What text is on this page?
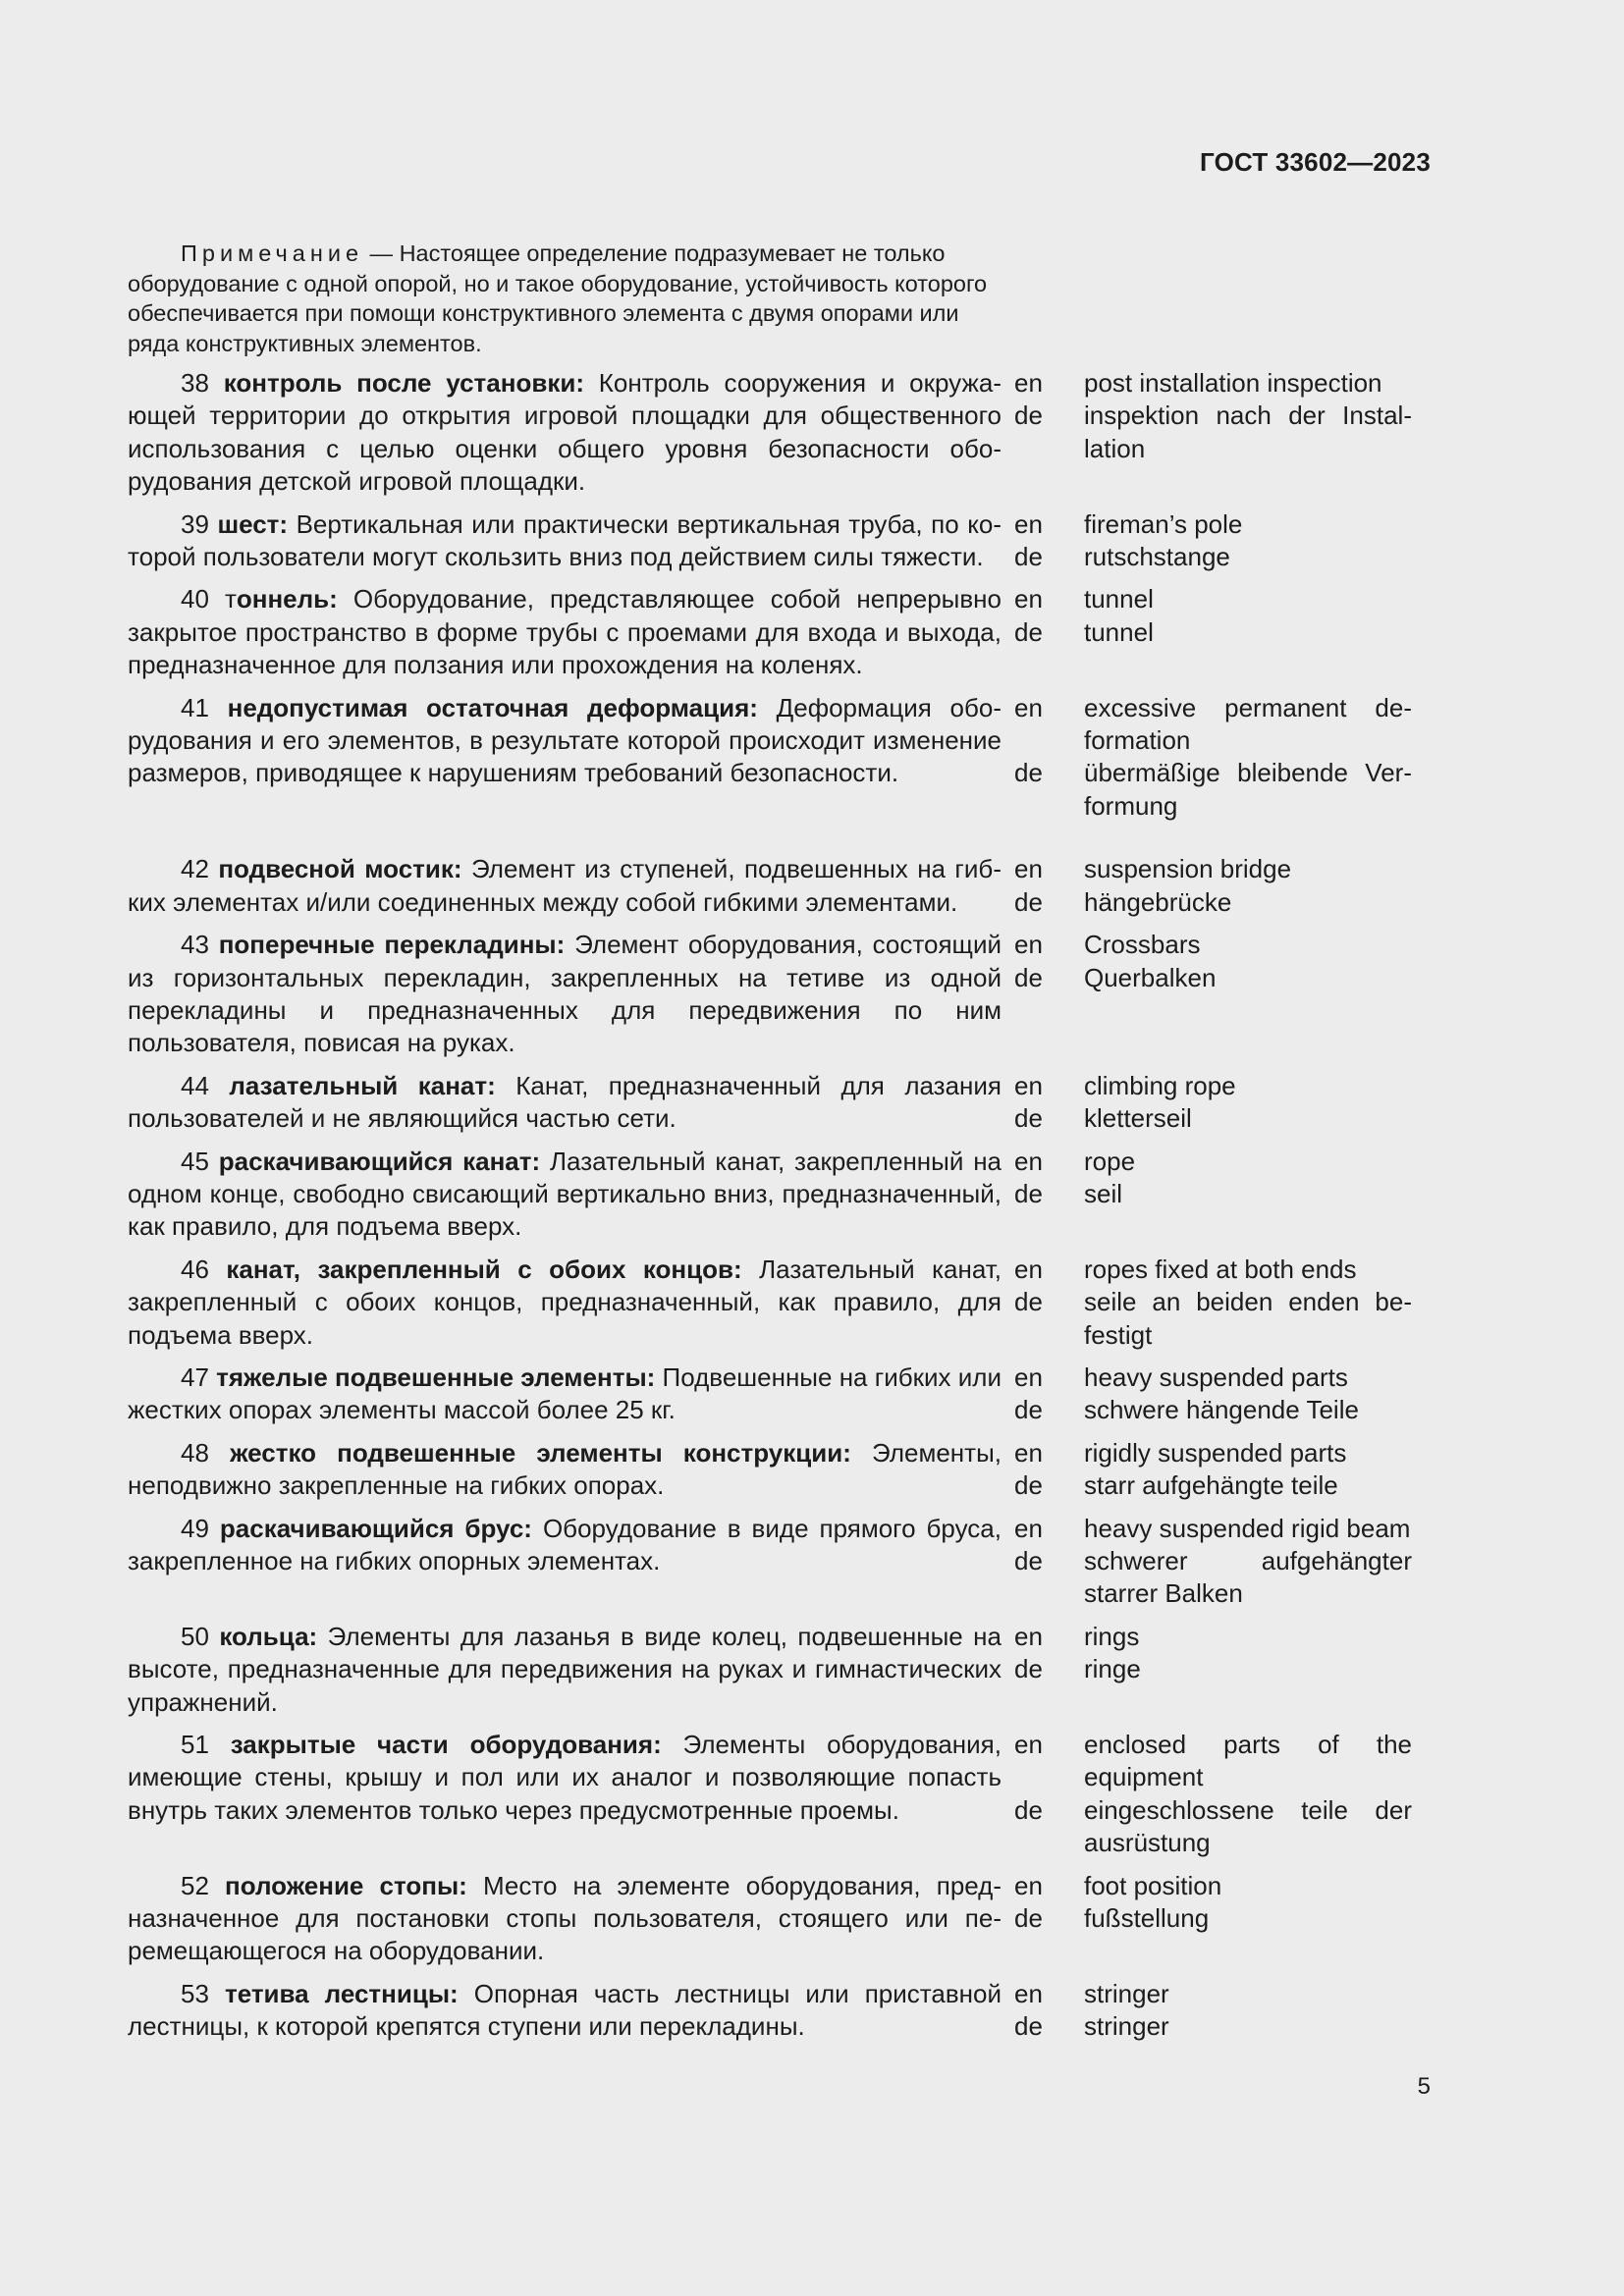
ГОСТ 33602—2023
Примечание — Настоящее определение подразумевает не только оборудование с одной опорой, но и такое оборудование, устойчивость которого обеспечивается при помощи конструктивного элемента с двумя опорами или ряда конструктивных элементов.
38 контроль после установки: Контроль сооружения и окружающей территории до открытия игровой площадки для общественного использования с целью оценки общего уровня безопасности оборудования детской игровой площадки.
en	post installation inspection
de	inspektion nach der Installation
39 шест: Вертикальная или практически вертикальная труба, по которой пользователи могут скользить вниз под действием силы тяжести.
en	fireman’s pole
de	rutschstange
40 тоннель: Оборудование, представляющее собой непрерывно закрытое пространство в форме трубы с проемами для входа и выхода, предназначенное для ползания или прохождения на коленях.
en	tunnel
de	tunnel
41 недопустимая остаточная деформация: Деформация оборудования и его элементов, в результате которой происходит изменение размеров, приводящее к нарушениям требований безопасности.
en	excessive permanent deformation
de	übermäßige bleibende Verformung
42 подвесной мостик: Элемент из ступеней, подвешенных на гибких элементах и/или соединенных между собой гибкими элементами.
en	suspension bridge
de	hängebrücke
43 поперечные перекладины: Элемент оборудования, состоящий из горизонтальных перекладин, закрепленных на тетиве из одной перекладины и предназначенных для передвижения по ним пользователя, повисая на руках.
en	Crossbars
de	Querbalken
44 лазательный канат: Канат, предназначенный для лазания пользователей и не являющийся частью сети.
en	climbing rope
de	kletterseil
45 раскачивающийся канат: Лазательный канат, закрепленный на одном конце, свободно свисающий вертикально вниз, предназначенный, как правило, для подъема вверх.
en	rope
de	seil
46 канат, закрепленный с обоих концов: Лазательный канат, закрепленный с обоих концов, предназначенный, как правило, для подъема вверх.
en	ropes fixed at both ends
de	seile an beiden enden befestigt
47 тяжелые подвешенные элементы: Подвешенные на гибких или жестких опорах элементы массой более 25 кг.
en	heavy suspended parts
de	schwere hängende Teile
48 жестко подвешенные элементы конструкции: Элементы, неподвижно закрепленные на гибких опорах.
en	rigidly suspended parts
de	starr aufgehängte teile
49 раскачивающийся брус: Оборудование в виде прямого бруса, закрепленное на гибких опорных элементах.
en	heavy suspended rigid beam
de	schwerer aufgehängter starrer Balken
50 кольца: Элементы для лазанья в виде колец, подвешенные на высоте, предназначенные для передвижения на руках и гимнастических упражнений.
en	rings
de	ringe
51 закрытые части оборудования: Элементы оборудования, имеющие стены, крышу и пол или их аналог и позволяющие попасть внутрь таких элементов только через предусмотренные проемы.
en	enclosed parts of the equipment
de	eingeschlossene teile der ausrüstung
52 положение стопы: Место на элементе оборудования, предназначенное для постановки стопы пользователя, стоящего или перемещающегося на оборудовании.
en	foot position
de	fußstellung
53 тетива лестницы: Опорная часть лестницы или приставной лестницы, к которой крепятся ступени или перекладины.
en	stringer
de	stringer
5
